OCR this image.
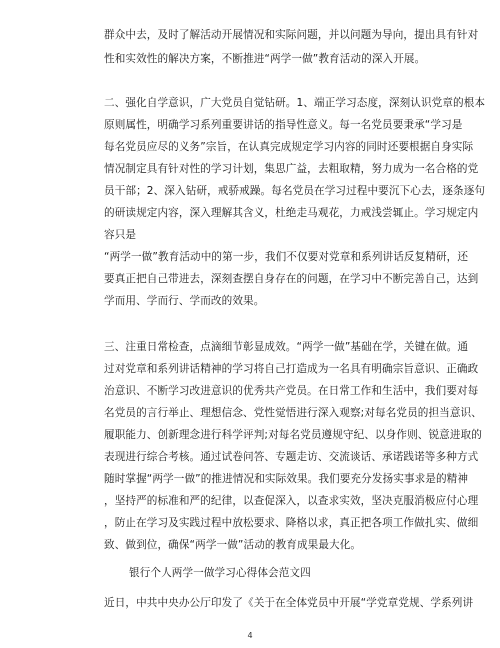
群众中去，及时了解活动开展情况和实际问题，并以问题为导向，提出具有针对
性和实效性的解决方案，不断推进“两学一做”教育活动的深入开展。
二、强化自学意识，广大党员自觉钻研。1、端正学习态度，深刻认识党章的根本
原则属性，明确学习系列重要讲话的指导性意义。每一名党员要秉承“学习是
每名党员应尽的义务”宗旨，在认真完成规定学习内容的同时还要根据自身实际
情况制定具有针对性的学习计划，集思广益，去粗取精，努力成为一名合格的党
员干部；2、深入钻研，戒骄戒躁。每名党员在学习过程中要沉下心去，逐条逐句
的研读规定内容，深入理解其含义，杜绝走马观花，力戒浅尝辄止。学习规定内
容只是
“两学一做”教育活动中的第一步，我们不仅要对党章和系列讲话反复精研，还
要真正把自己带进去，深刻查摆自身存在的问题，在学习中不断完善自己，达到
学而用、学而行、学而改的效果。
三、注重日常检查，点滴细节彰显成效。“两学一做”基础在学，关键在做。通
过对党章和系列讲话精神的学习将自己打造成为一名具有明确宗旨意识、正确政
治意识、不断学习改进意识的优秀共产党员。在日常工作和生活中，我们要对每
名党员的言行举止、理想信念、党性觉悟进行深入观察;对每名党员的担当意识、
履职能力、创新理念进行科学评判;对每名党员遵规守纪、以身作则、锐意进取的
表现进行综合考核。通过试卷问答、专题走访、交流谈话、承诺践诺等多种方式
随时掌握“两学一做”的推进情况和实际效果。我们要充分发扬实事求是的精神
，坚持严的标准和严的纪律，以查促深入，以查求实效，坚决克服消极应付心理
，防止在学习及实践过程中放松要求、降格以求，真正把各项工作做扎实、做细
致、做到位，确保“两学一做”活动的教育成果最大化。
银行个人两学一做学习心得体会范文四
近日，中共中央办公厅印发了《关于在全体党员中开展“学党章党规、学系列讲
4
